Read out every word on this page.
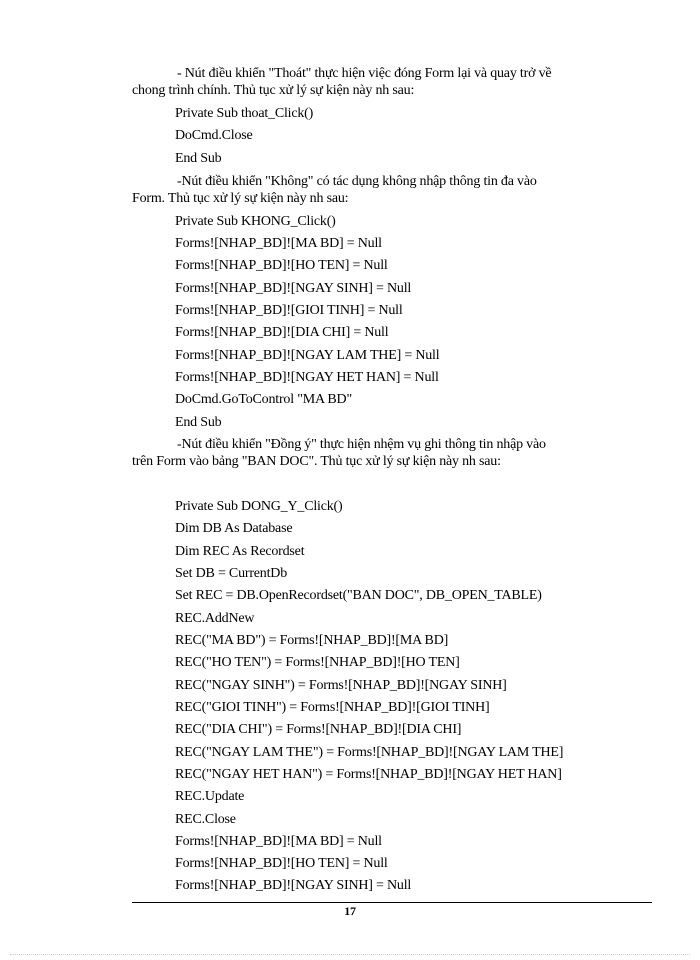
- Nút điều khiển "Thoát" thực hiện việc đóng Form lại và quay trở về
chong trình chính. Thủ tục xử lý sự kiện này nh sau:
Private Sub thoat_Click()
DoCmd.Close
End Sub
-Nút điều khiển "Không" có tác dụng không nhập thông tin đa vào
Form. Thủ tục xử lý sự kiện này nh sau:
Private Sub KHONG_Click()
Forms![NHAP_BD]![MA BD] = Null
Forms![NHAP_BD]![HO TEN] = Null
Forms![NHAP_BD]![NGAY SINH] = Null
Forms![NHAP_BD]![GIOI TINH] = Null
Forms![NHAP_BD]![DIA CHI] = Null
Forms![NHAP_BD]![NGAY LAM THE] = Null
Forms![NHAP_BD]![NGAY HET HAN] = Null
DoCmd.GoToControl "MA BD"
End Sub
-Nút điều khiển "Đồng ý" thực hiện nhệm vụ ghi thông tin nhập vào
trên Form vào bảng "BAN DOC". Thủ tục xử lý sự kiện này nh sau:
Private Sub DONG_Y_Click()
Dim DB As Database
Dim REC As Recordset
Set DB = CurrentDb
Set REC = DB.OpenRecordset("BAN DOC", DB_OPEN_TABLE)
REC.AddNew
REC("MA BD") = Forms![NHAP_BD]![MA BD]
REC("HO TEN") = Forms![NHAP_BD]![HO TEN]
REC("NGAY SINH") = Forms![NHAP_BD]![NGAY SINH]
REC("GIOI TINH") = Forms![NHAP_BD]![GIOI TINH]
REC("DIA CHI") = Forms![NHAP_BD]![DIA CHI]
REC("NGAY LAM THE") = Forms![NHAP_BD]![NGAY LAM THE]
REC("NGAY HET HAN") = Forms![NHAP_BD]![NGAY HET HAN]
REC.Update
REC.Close
Forms![NHAP_BD]![MA BD] = Null
Forms![NHAP_BD]![HO TEN] = Null
Forms![NHAP_BD]![NGAY SINH] = Null
17
